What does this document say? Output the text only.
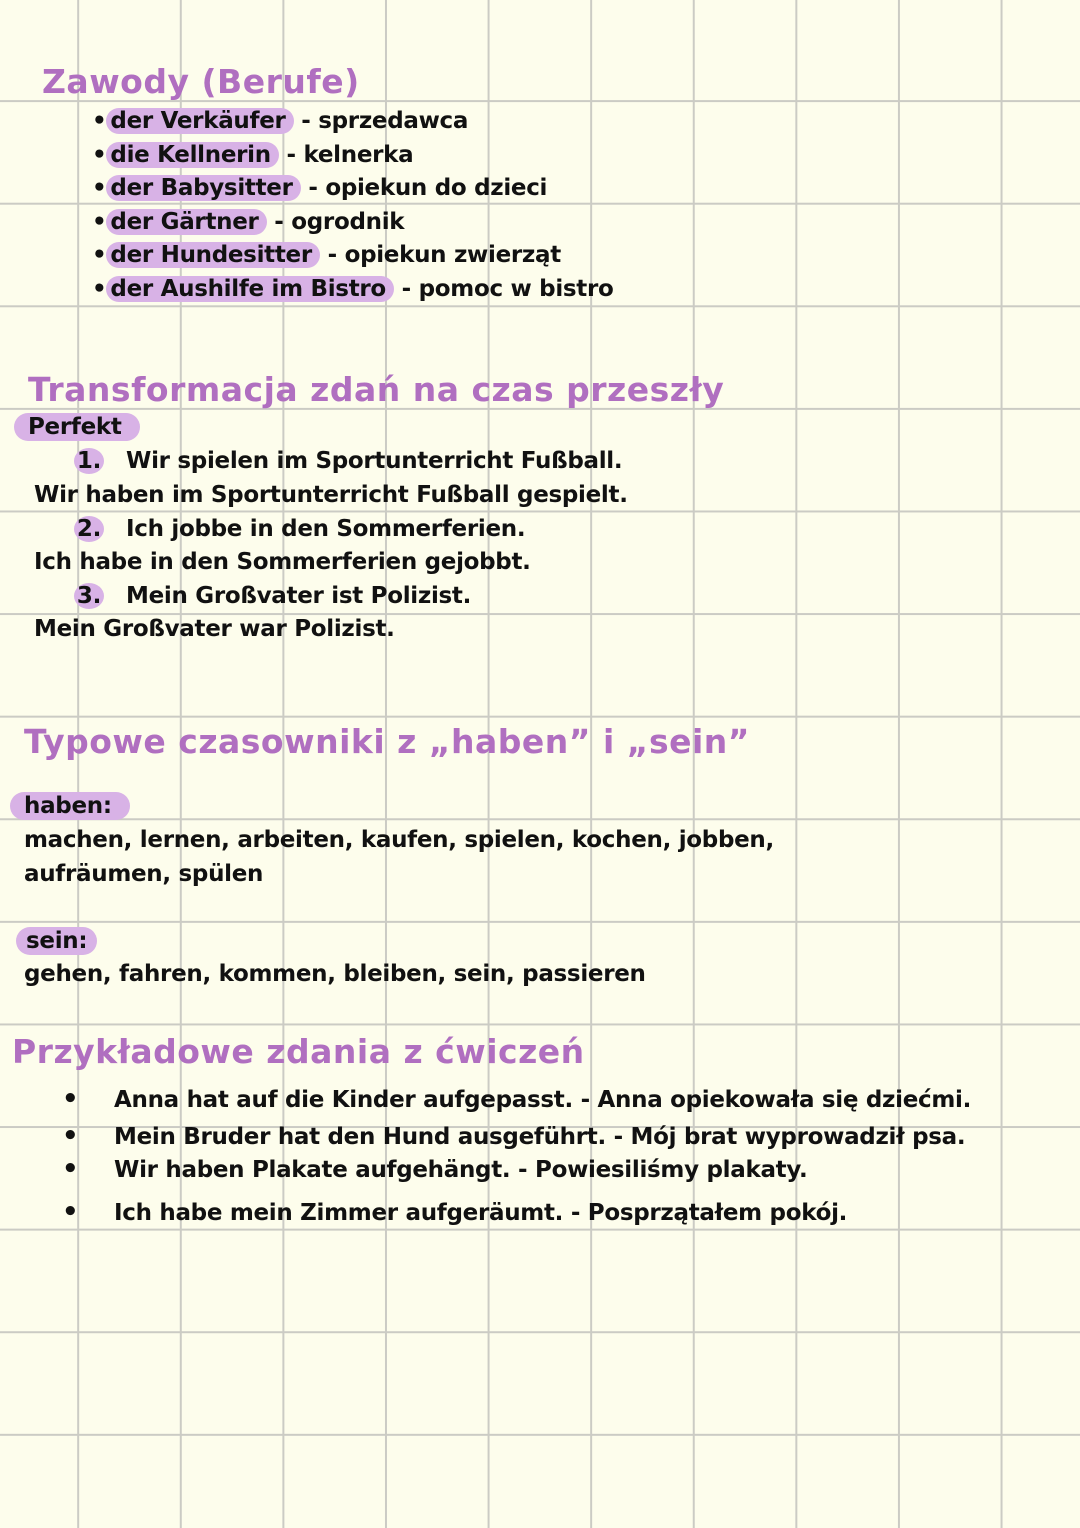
Zawody (Berufe)
• der Verkäufer - sprzedawca
• die Kellnerin - kelnerka
• der Babysitter - opiekun do dzieci
• der Gärtner - ogrodnik
• der Hundesitter - opiekun zwierząt
• der Aushilfe im Bistro - pomoc w bistro
Transformacja zdań na czas przeszły
Perfekt
1. Wir spielen im Sportunterricht Fußball.
Wir haben im Sportunterricht Fußball gespielt.
2. Ich jobbe in den Sommerferien.
Ich habe in den Sommerferien gejobbt.
3. Mein Großvater ist Polizist.
Mein Großvater war Polizist.
Typowe czasowniki z „haben” i „sein”
haben:
machen, lernen, arbeiten, kaufen, spielen, kochen, jobben,
aufräumen, spülen
sein:
gehen, fahren, kommen, bleiben, sein, passieren
Przykładowe zdania z ćwiczeń
• Anna hat auf die Kinder aufgepasst. - Anna opiekowała się dziećmi.
• Mein Bruder hat den Hund ausgeführt. - Mój brat wyprowadził psa.
• Wir haben Plakate aufgehängt. - Powiesiliśmy plakaty.
• Ich habe mein Zimmer aufgeräumt. - Posprzątałem pokój.
